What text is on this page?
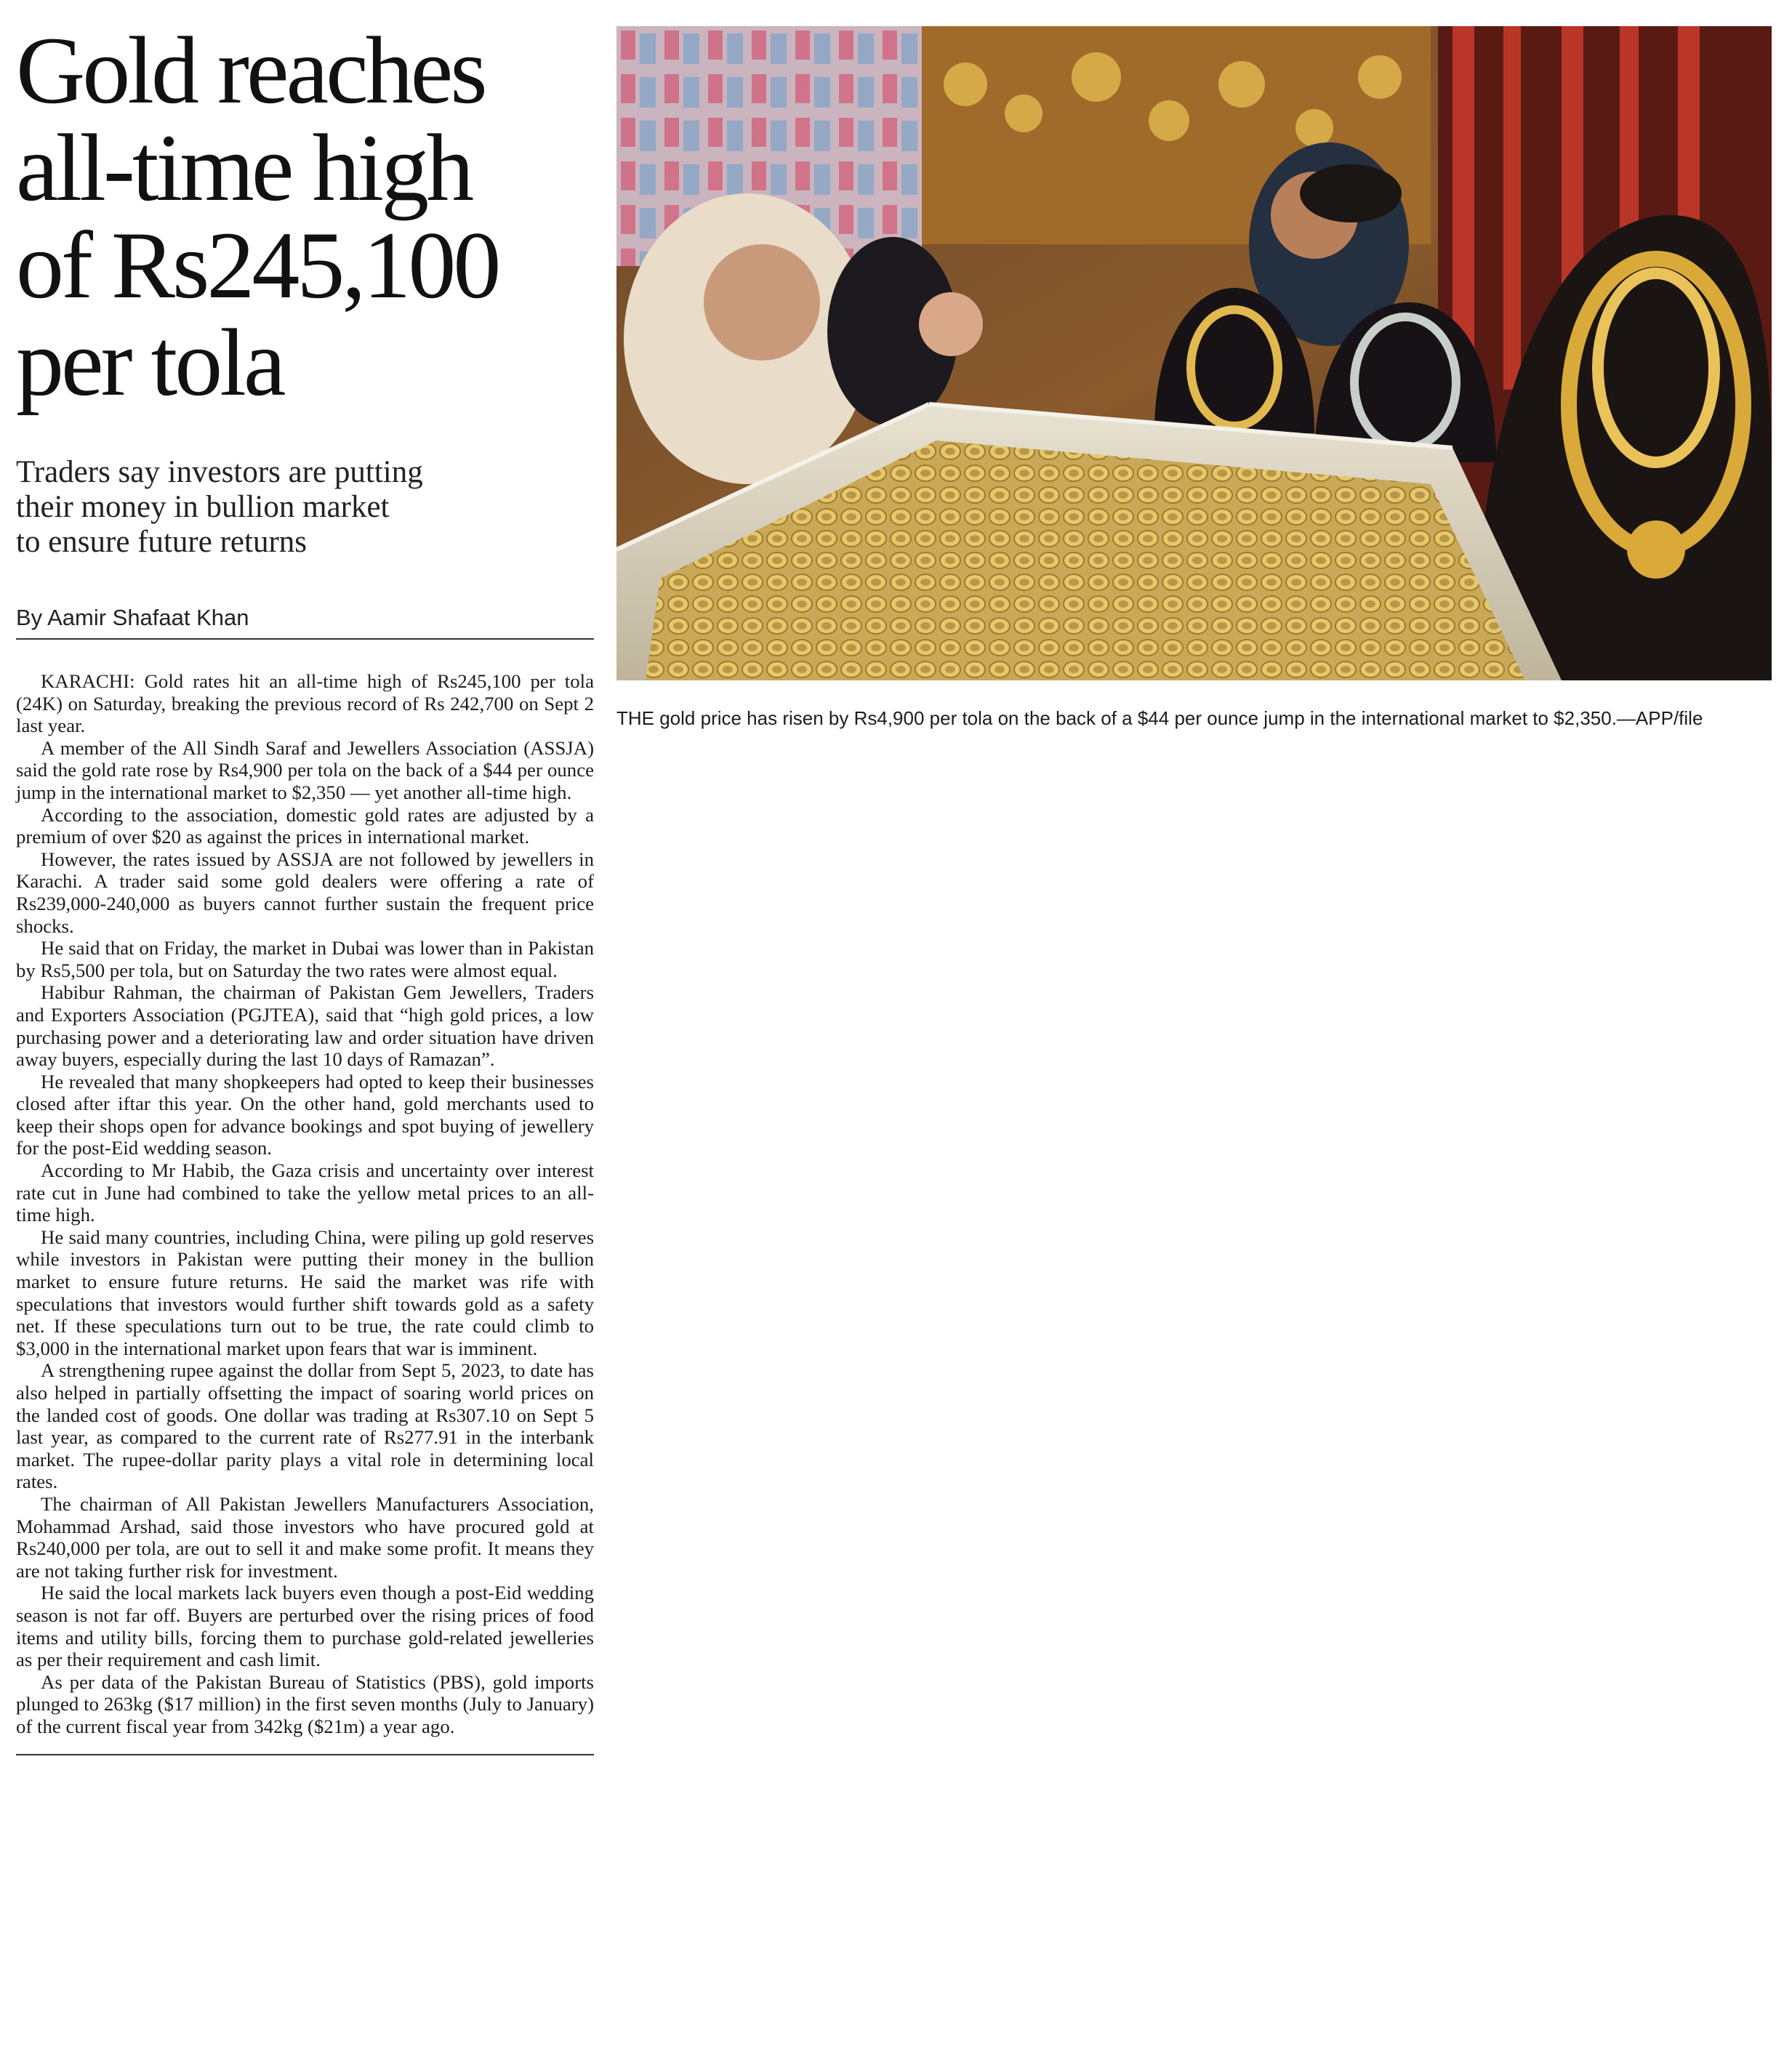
Gold reaches
all-time high
of Rs245,100
per tola
Traders say investors are putting
their money in bullion market
to ensure future returns
By Aamir Shafaat Khan

KARACHI: Gold rates hit an all-time high of Rs245,100 per tola (24K) on Saturday, breaking the previous record of Rs 242,700 on Sept 2 last year.

A member of the All Sindh Saraf and Jewellers Association (ASSJA) said the gold rate rose by Rs4,900 per tola on the back of a $44 per ounce jump in the international market to $2,350 — yet another all-time high.

According to the association, domestic gold rates are adjusted by a premium of over $20 as against the prices in international market.

However, the rates issued by ASSJA are not followed by jewellers in Karachi. A trader said some gold dealers were offering a rate of Rs239,000-240,000 as buyers cannot further sustain the frequent price shocks.

He said that on Friday, the market in Dubai was lower than in Pakistan by Rs5,500 per tola, but on Saturday the two rates were almost equal.

Habibur Rahman, the chairman of Pakistan Gem Jewellers, Traders and Exporters Association (PGJTEA), said that “high gold prices, a low purchasing power and a deteriorating law and order situation have driven away buyers, especially during the last 10 days of Ramazan”.

He revealed that many shopkeepers had opted to keep their businesses closed after iftar this year. On the other hand, gold merchants used to keep their shops open for advance bookings and spot buying of jewellery for the post-Eid wedding season.

According to Mr Habib, the Gaza crisis and uncertainty over interest rate cut in June had combined to take the yellow metal prices to an all-time high.

He said many countries, including China, were piling up gold reserves while investors in Pakistan were putting their money in the bullion market to ensure future returns. He said the market was rife with speculations that investors would further shift towards gold as a safety net. If these speculations turn out to be true, the rate could climb to $3,000 in the international market upon fears that war is imminent.

A strengthening rupee against the dollar from Sept 5, 2023, to date has also helped in partially offsetting the impact of soaring world prices on the landed cost of goods. One dollar was trading at Rs307.10 on Sept 5 last year, as compared to the current rate of Rs277.91 in the interbank market. The rupee-dollar parity plays a vital role in determining local rates.

The chairman of All Pakistan Jewellers Manufacturers Association, Mohammad Arshad, said those investors who have procured gold at Rs240,000 per tola, are out to sell it and make some profit. It means they are not taking further risk for investment.

He said the local markets lack buyers even though a post-Eid wedding season is not far off. Buyers are perturbed over the rising prices of food items and utility bills, forcing them to purchase gold-related jewelleries as per their requirement and cash limit.

As per data of the Pakistan Bureau of Statistics (PBS), gold imports plunged to 263kg ($17 million) in the first seven months (July to January) of the current fiscal year from 342kg ($21m) a year ago.

THE gold price has risen by Rs4,900 per tola on the back of a $44 per ounce jump in the international market to $2,350.—APP/file
